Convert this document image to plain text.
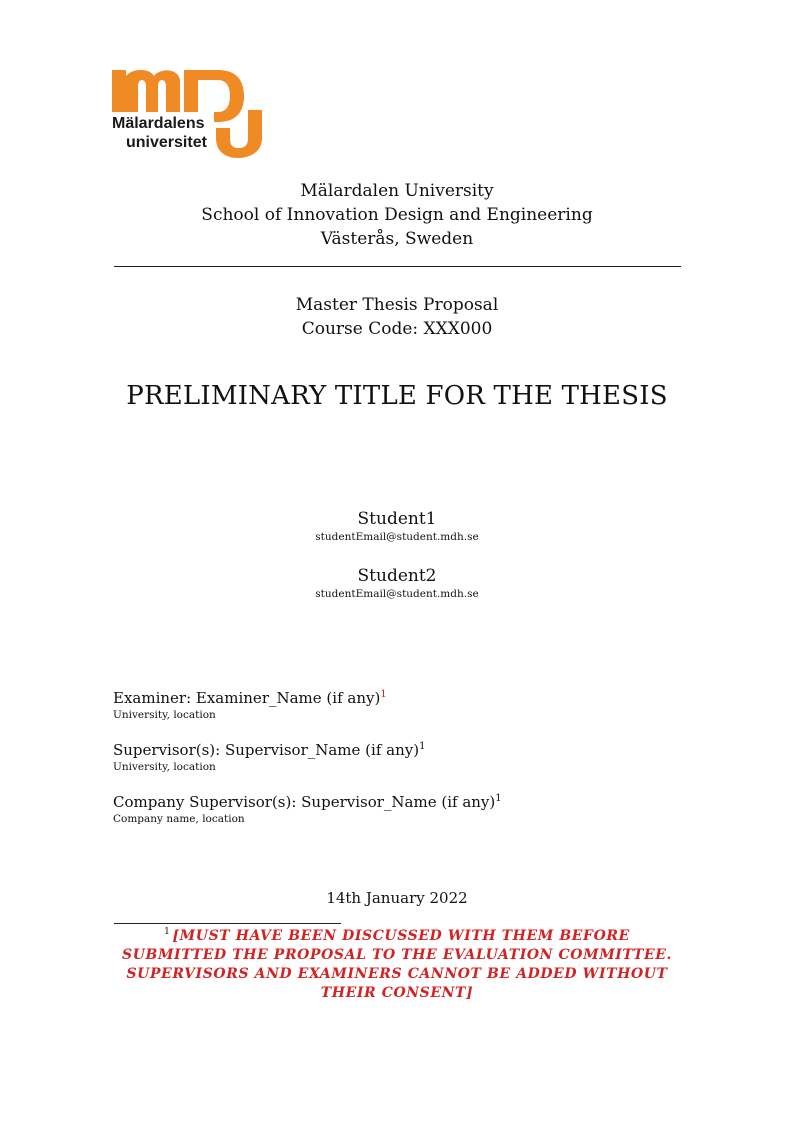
Mälardalens
universitet
Mälardalen University
School of Innovation Design and Engineering
Västerås, Sweden
Master Thesis Proposal
Course Code: XXX000
PRELIMINARY TITLE FOR THE THESIS
Student1
studentEmail@student.mdh.se
Student2
studentEmail@student.mdh.se
Examiner: Examiner_Name (if any)$^1$
University, location
Supervisor(s): Supervisor_Name (if any)$^1$
University, location
Company Supervisor(s): Supervisor_Name (if any)$^1$
Company name, location
14th January 2022
$^1$ [MUST HAVE BEEN DISCUSSED WITH THEM BEFORE SUBMITTED THE PROPOSAL TO THE EVALUATION COMMITTEE. SUPERVISORS AND EXAMINERS CANNOT BE ADDED WITHOUT THEIR CONSENT]
